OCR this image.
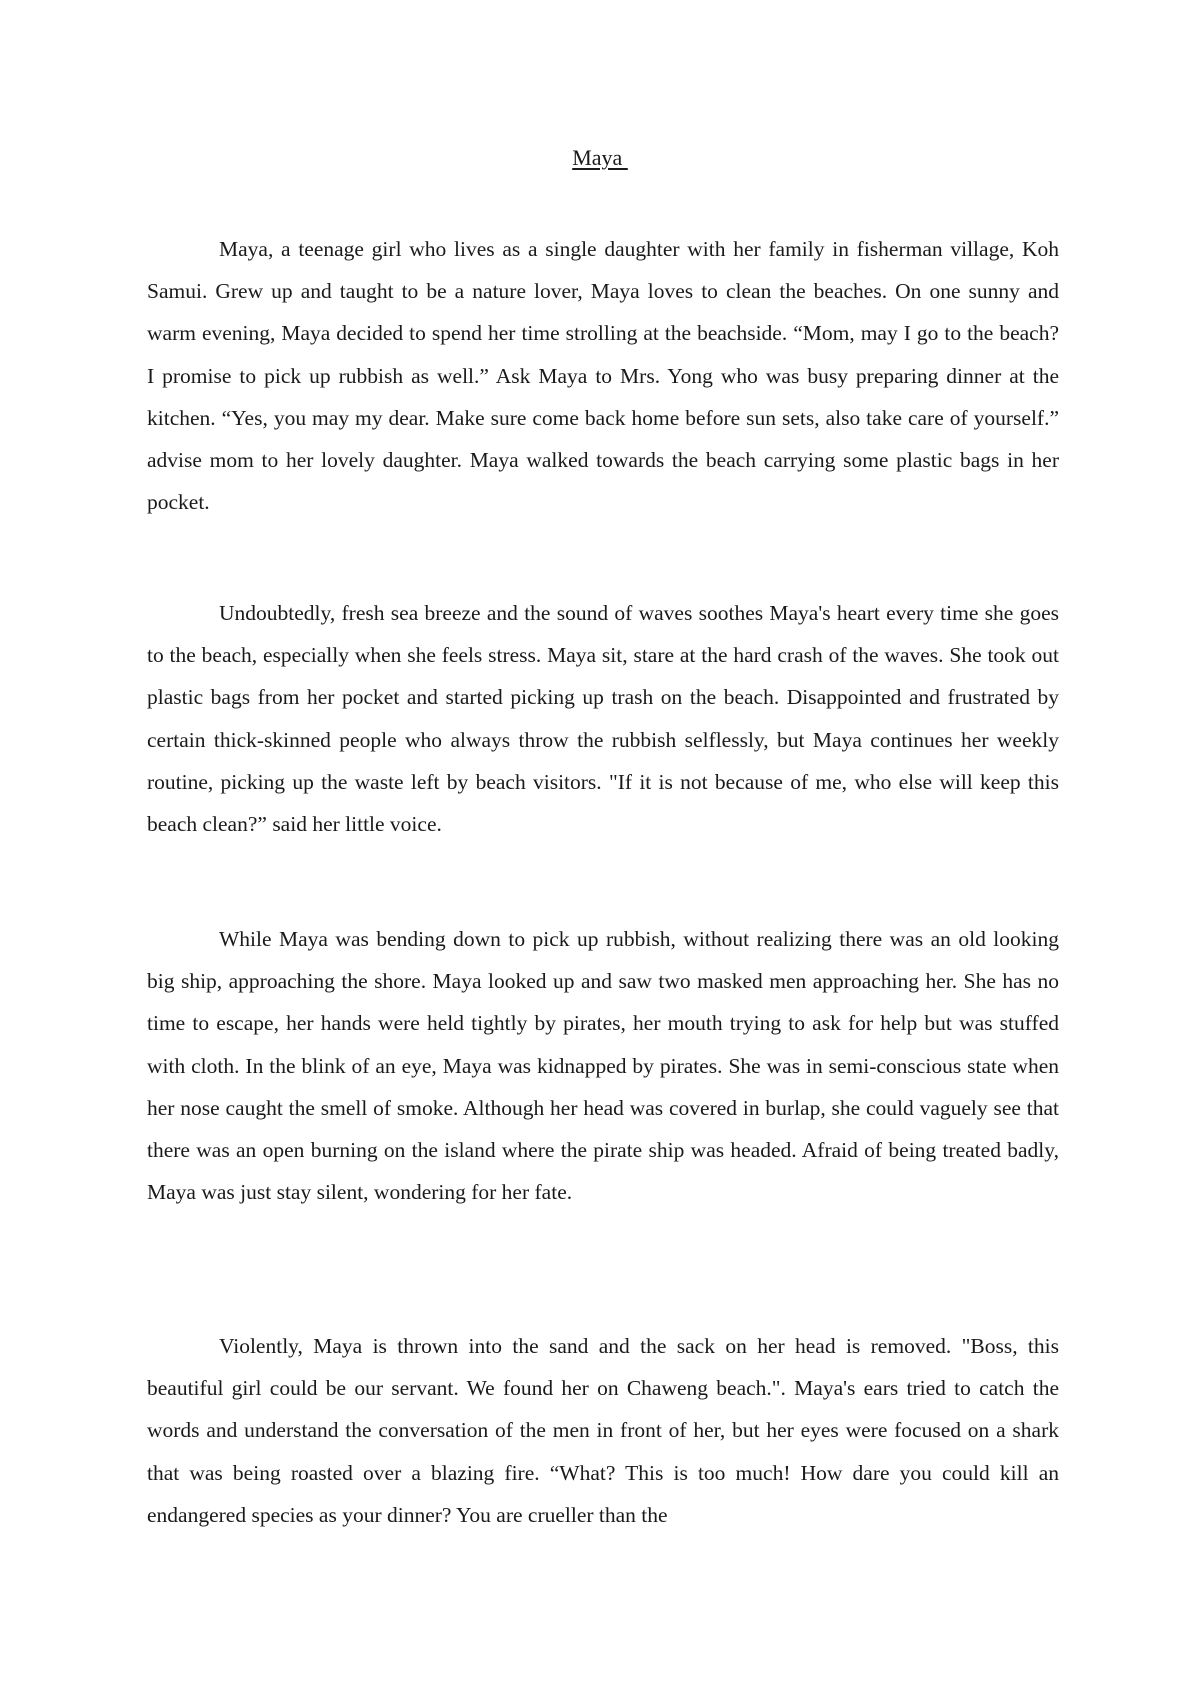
Maya

Maya, a teenage girl who lives as a single daughter with her family in fisherman village, Koh Samui. Grew up and taught to be a nature lover, Maya loves to clean the beaches. On one sunny and warm evening, Maya decided to spend her time strolling at the beachside. “Mom, may I go to the beach? I promise to pick up rubbish as well.” Ask Maya to Mrs. Yong who was busy preparing dinner at the kitchen. “Yes, you may my dear. Make sure come back home before sun sets, also take care of yourself.” advise mom to her lovely daughter. Maya walked towards the beach carrying some plastic bags in her pocket.

Undoubtedly, fresh sea breeze and the sound of waves soothes Maya's heart every time she goes to the beach, especially when she feels stress. Maya sit, stare at the hard crash of the waves. She took out plastic bags from her pocket and started picking up trash on the beach. Disappointed and frustrated by certain thick-skinned people who always throw the rubbish selflessly, but Maya continues her weekly routine, picking up the waste left by beach visitors. "If it is not because of me, who else will keep this beach clean?” said her little voice.

While Maya was bending down to pick up rubbish, without realizing there was an old looking big ship, approaching the shore. Maya looked up and saw two masked men approaching her. She has no time to escape, her hands were held tightly by pirates, her mouth trying to ask for help but was stuffed with cloth. In the blink of an eye, Maya was kidnapped by pirates. She was in semi-conscious state when her nose caught the smell of smoke. Although her head was covered in burlap, she could vaguely see that there was an open burning on the island where the pirate ship was headed. Afraid of being treated badly, Maya was just stay silent, wondering for her fate.

Violently, Maya is thrown into the sand and the sack on her head is removed. "Boss, this beautiful girl could be our servant. We found her on Chaweng beach.". Maya's ears tried to catch the words and understand the conversation of the men in front of her, but her eyes were focused on a shark that was being roasted over a blazing fire. “What? This is too much! How dare you could kill an endangered species as your dinner? You are crueller than the
